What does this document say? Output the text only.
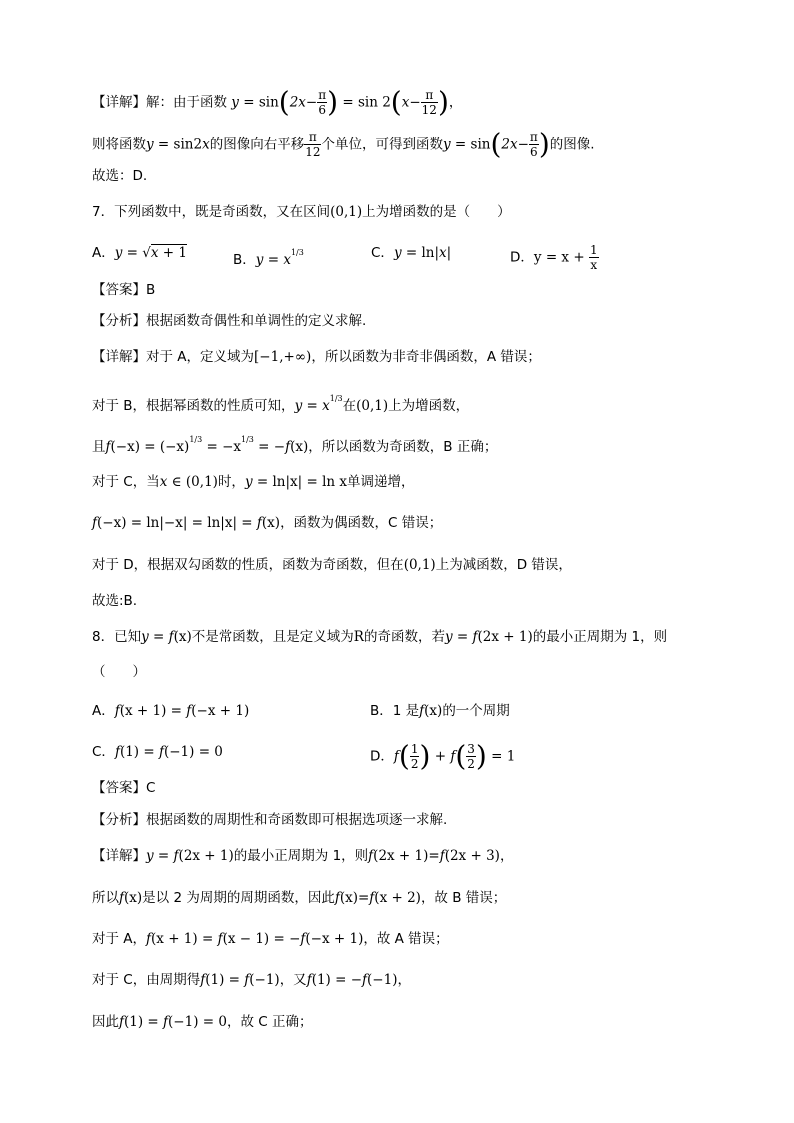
【详解】解：由于函数 $y = \sin(2x- \frac{\pi}{6}$ ) = $\sin 2(x- \frac{\pi}{12}$ )，
则将函数y = sin2x的图像向右平移 $\frac{\pi}{12}$ 个单位，可得到函数$y = \sin(2x- \frac{\pi}{6}$ )的图像.
故选：D.
7．下列函数中，既是奇函数，又在区间(0,1)上为增函数的是（　　）
A．y = √x + 1	B．$y = x^{1/3}$	C．y = ln|x|	D．$y = x + \frac{1}{x}$
【答案】B
【分析】根据函数奇偶性和单调性的定义求解.
【详解】对于 A，定义域为[−1,+∞)，所以函数为非奇非偶函数，A 错误；
对于 B，根据幂函数的性质可知，$y = x^{1/3}$在(0,1)上为增函数，
且$f(-x) = (-x)^{1/3} = -x^{1/3} = -f(x)$，所以函数为奇函数，B 正确；
对于 C，当x ∈ (0,1)时，y = ln|x| = ln x单调递增，
f(−x) = ln|−x| = ln|x| = f(x)，函数为偶函数，C 错误；
对于 D，根据双勾函数的性质，函数为奇函数，但在(0,1)上为减函数，D 错误，
故选:B.
8．已知y = f(x)不是常函数，且是定义域为R的奇函数，若y = f(2x + 1)的最小正周期为 1，则
（　　）
A．f(x + 1) = f(−x + 1)	B．1 是f(x)的一个周期
C．f(1) = f(−1) = 0	D．$f( \frac{1}{2}$ ) + $f( \frac{3}{2}$ ) = 1
【答案】C
【分析】根据函数的周期性和奇函数即可根据选项逐一求解.
【详解】y = f(2x + 1)的最小正周期为 1，则f(2x + 1)=f(2x + 3)，
所以f(x)是以 2 为周期的周期函数，因此f(x)=f(x + 2)，故 B 错误；
对于 A，f(x + 1) = f(x − 1) = −f(−x + 1)，故 A 错误；
对于 C，由周期得f(1) = f(−1)，又f(1) = −f(−1)，
因此f(1) = f(−1) = 0，故 C 正确；
